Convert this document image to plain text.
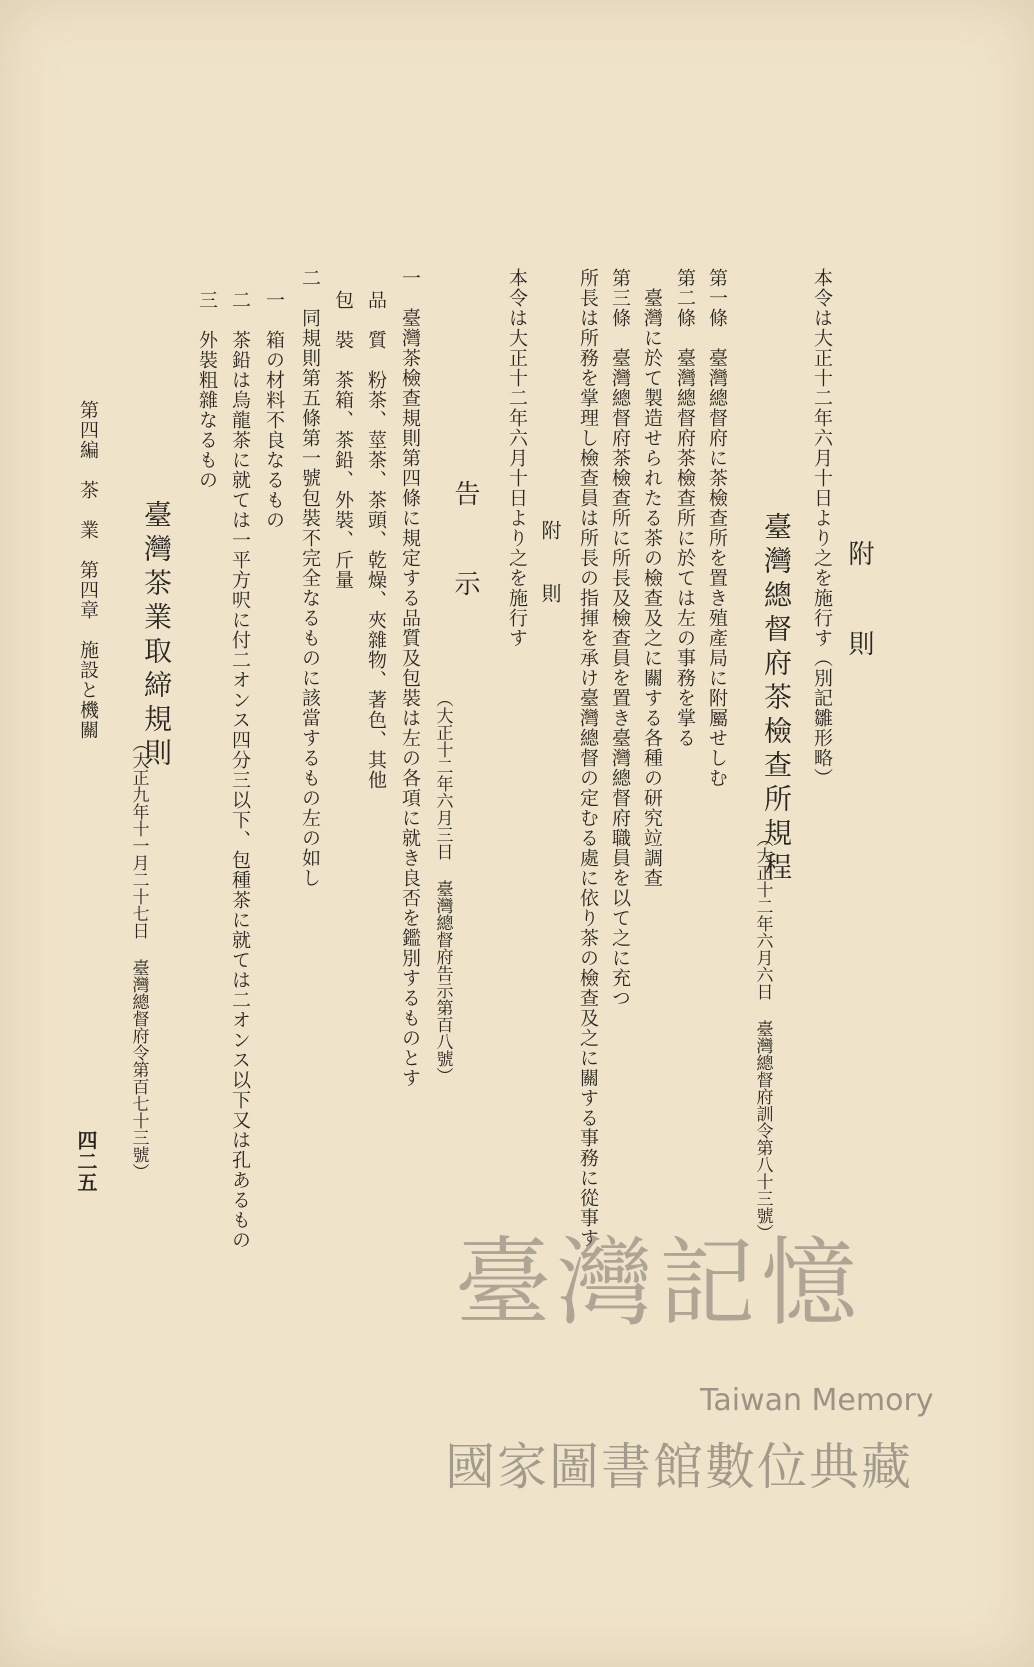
附　　則
本令は大正十二年六月十日より之を施行す（別記雛形略）
臺灣總督府茶檢查所規程
（大正十二年六月六日 臺灣總督府訓令第八十三號）
第一條　臺灣總督府に茶檢查所を置き殖產局に附屬せしむ
第二條　臺灣總督府茶檢查所に於ては左の事務を掌る
　臺灣に於て製造せられたる茶の檢查及之に關する各種の研究竝調查
第三條　臺灣總督府茶檢查所に所長及檢查員を置き臺灣總督府職員を以て之に充つ
所長は所務を掌理し檢查員は所長の指揮を承け臺灣總督の定むる處に依り茶の檢查及之に關する事務に從事す
附　　則
本令は大正十二年六月十日より之を施行す
告　　示
（大正十二年六月三日 臺灣總督府告示第百八號）
一　臺灣茶檢查規則第四條に規定する品質及包裝は左の各項に就き良否を鑑別するものとす
品　質　粉茶、莖茶、茶頭、乾燥、夾雜物、著色、其他
包　裝　茶箱、茶鉛、外裝、斤量
二　同規則第五條第一號包裝不完全なるものに該當するもの左の如し
一　箱の材料不良なるもの
二　茶鉛は烏龍茶に就ては一平方呎に付二オンス四分三以下、包種茶に就ては二オンス以下又は孔あるもの
三　外裝粗雜なるもの
臺灣茶業取締規則
（大正九年十一月二十七日 臺灣總督府令第百七十三號）
第四編　茶　業　第四章　施設と機關
四二五
臺灣記憶
Taiwan Memory
國家圖書館數位典藏
